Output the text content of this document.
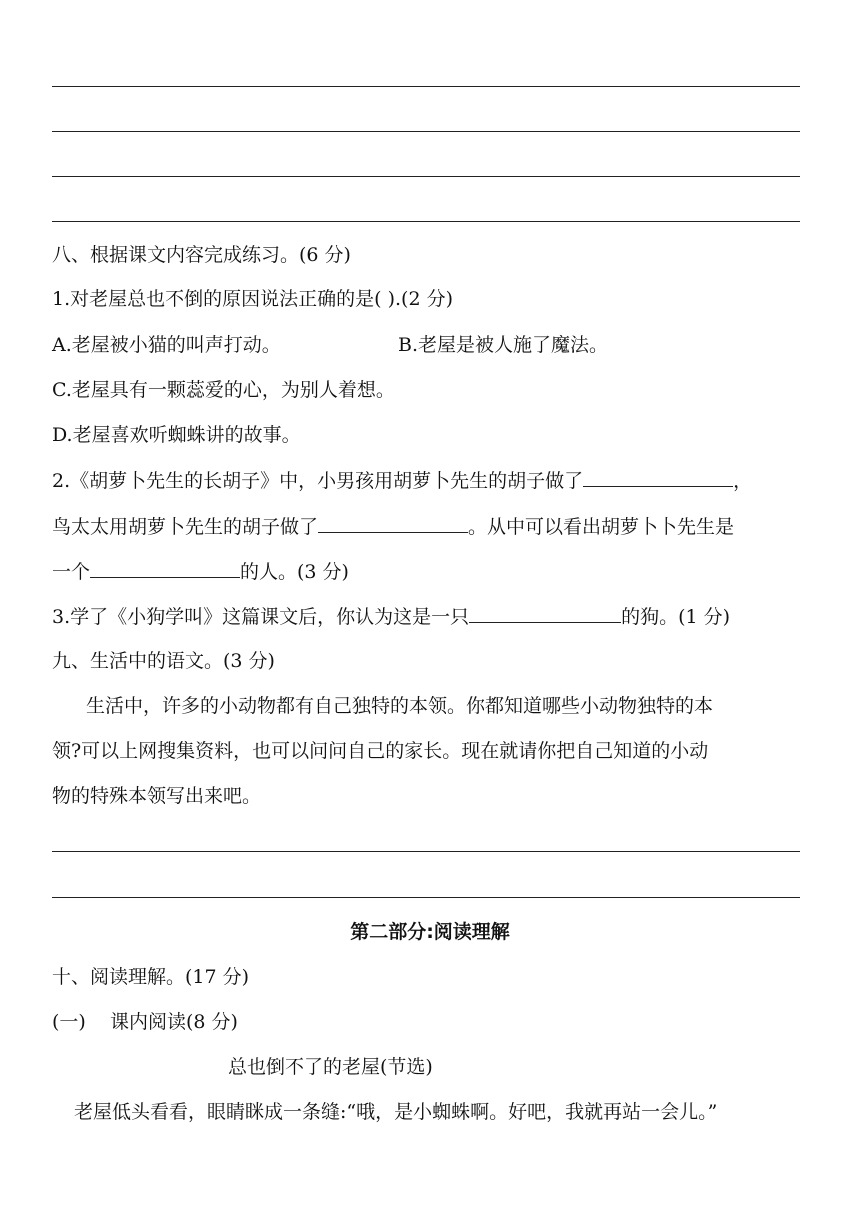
八、根据课文内容完成练习。(6 分)
1.对老屋总也不倒的原因说法正确的是( ).(2 分)
A.老屋被小猫的叫声打动。	B.老屋是被人施了魔法。
C.老屋具有一颗蕊爱的心，为别人着想。
D.老屋喜欢听蜘蛛讲的故事。
2.《胡萝卜先生的长胡子》中，小男孩用胡萝卜先生的胡子做了	，
鸟太太用胡萝卜先生的胡子做了	。从中可以看出胡萝卜卜先生是
一个	的人。(3 分)
3.学了《小狗学叫》这篇课文后，你认为这是一只	的狗。(1 分)
九、生活中的语文。(3 分)
生活中，许多的小动物都有自己独特的本领。你都知道哪些小动物独特的本
领?可以上网搜集资料，也可以问问自己的家长。现在就请你把自己知道的小动
物的特殊本领写出来吧。
第二部分:阅读理解
十、阅读理解。(17 分)
(一)    课内阅读(8 分)
总也倒不了的老屋(节选)
老屋低头看看，眼睛眯成一条缝:“哦，是小蜘蛛啊。好吧，我就再站一会儿。”
